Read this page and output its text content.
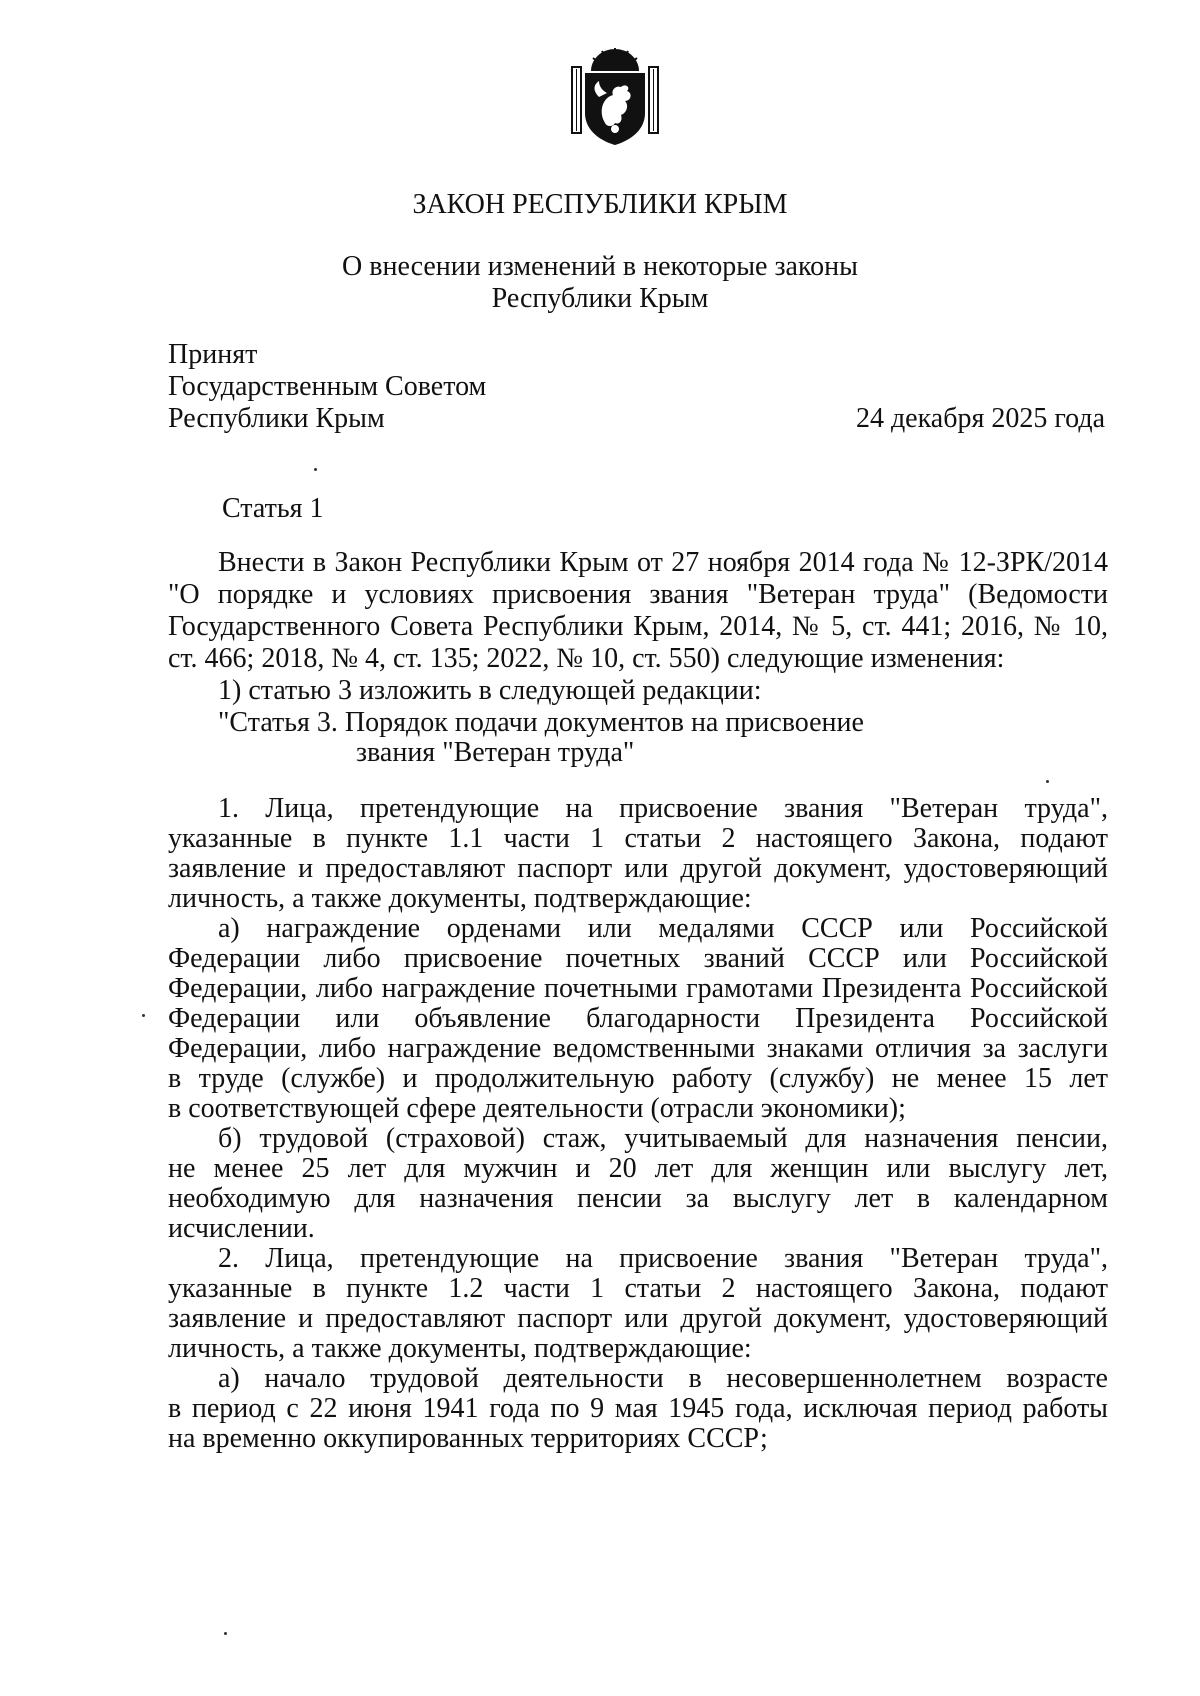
ЗАКОН РЕСПУБЛИКИ КРЫМ
О внесении изменений в некоторые законы
Республики Крым
Принят
Государственным Советом
Республики Крым	24 декабря 2025 года
Статья 1
Внести в Закон Республики Крым от 27 ноября 2014 года № 12-ЗРК/2014
"О порядке и условиях присвоения звания "Ветеран труда" (Ведомости
Государственного Совета Республики Крым, 2014, № 5, ст. 441; 2016, № 10,
ст. 466; 2018, № 4, ст. 135; 2022, № 10, ст. 550) следующие изменения:
1) статью 3 изложить в следующей редакции:
"Статья 3. Порядок подачи документов на присвоение
звания "Ветеран труда"
1. Лица, претендующие на присвоение звания "Ветеран труда",
указанные в пункте 1.1 части 1 статьи 2 настоящего Закона, подают
заявление и предоставляют паспорт или другой документ, удостоверяющий
личность, а также документы, подтверждающие:
а) награждение орденами или медалями СССР или Российской
Федерации либо присвоение почетных званий СССР или Российской
Федерации, либо награждение почетными грамотами Президента Российской
Федерации или объявление благодарности Президента Российской
Федерации, либо награждение ведомственными знаками отличия за заслуги
в труде (службе) и продолжительную работу (службу) не менее 15 лет
в соответствующей сфере деятельности (отрасли экономики);
б) трудовой (страховой) стаж, учитываемый для назначения пенсии,
не менее 25 лет для мужчин и 20 лет для женщин или выслугу лет,
необходимую для назначения пенсии за выслугу лет в календарном
исчислении.
2. Лица, претендующие на присвоение звания "Ветеран труда",
указанные в пункте 1.2 части 1 статьи 2 настоящего Закона, подают
заявление и предоставляют паспорт или другой документ, удостоверяющий
личность, а также документы, подтверждающие:
а) начало трудовой деятельности в несовершеннолетнем возрасте
в период с 22 июня 1941 года по 9 мая 1945 года, исключая период работы
на временно оккупированных территориях СССР;
